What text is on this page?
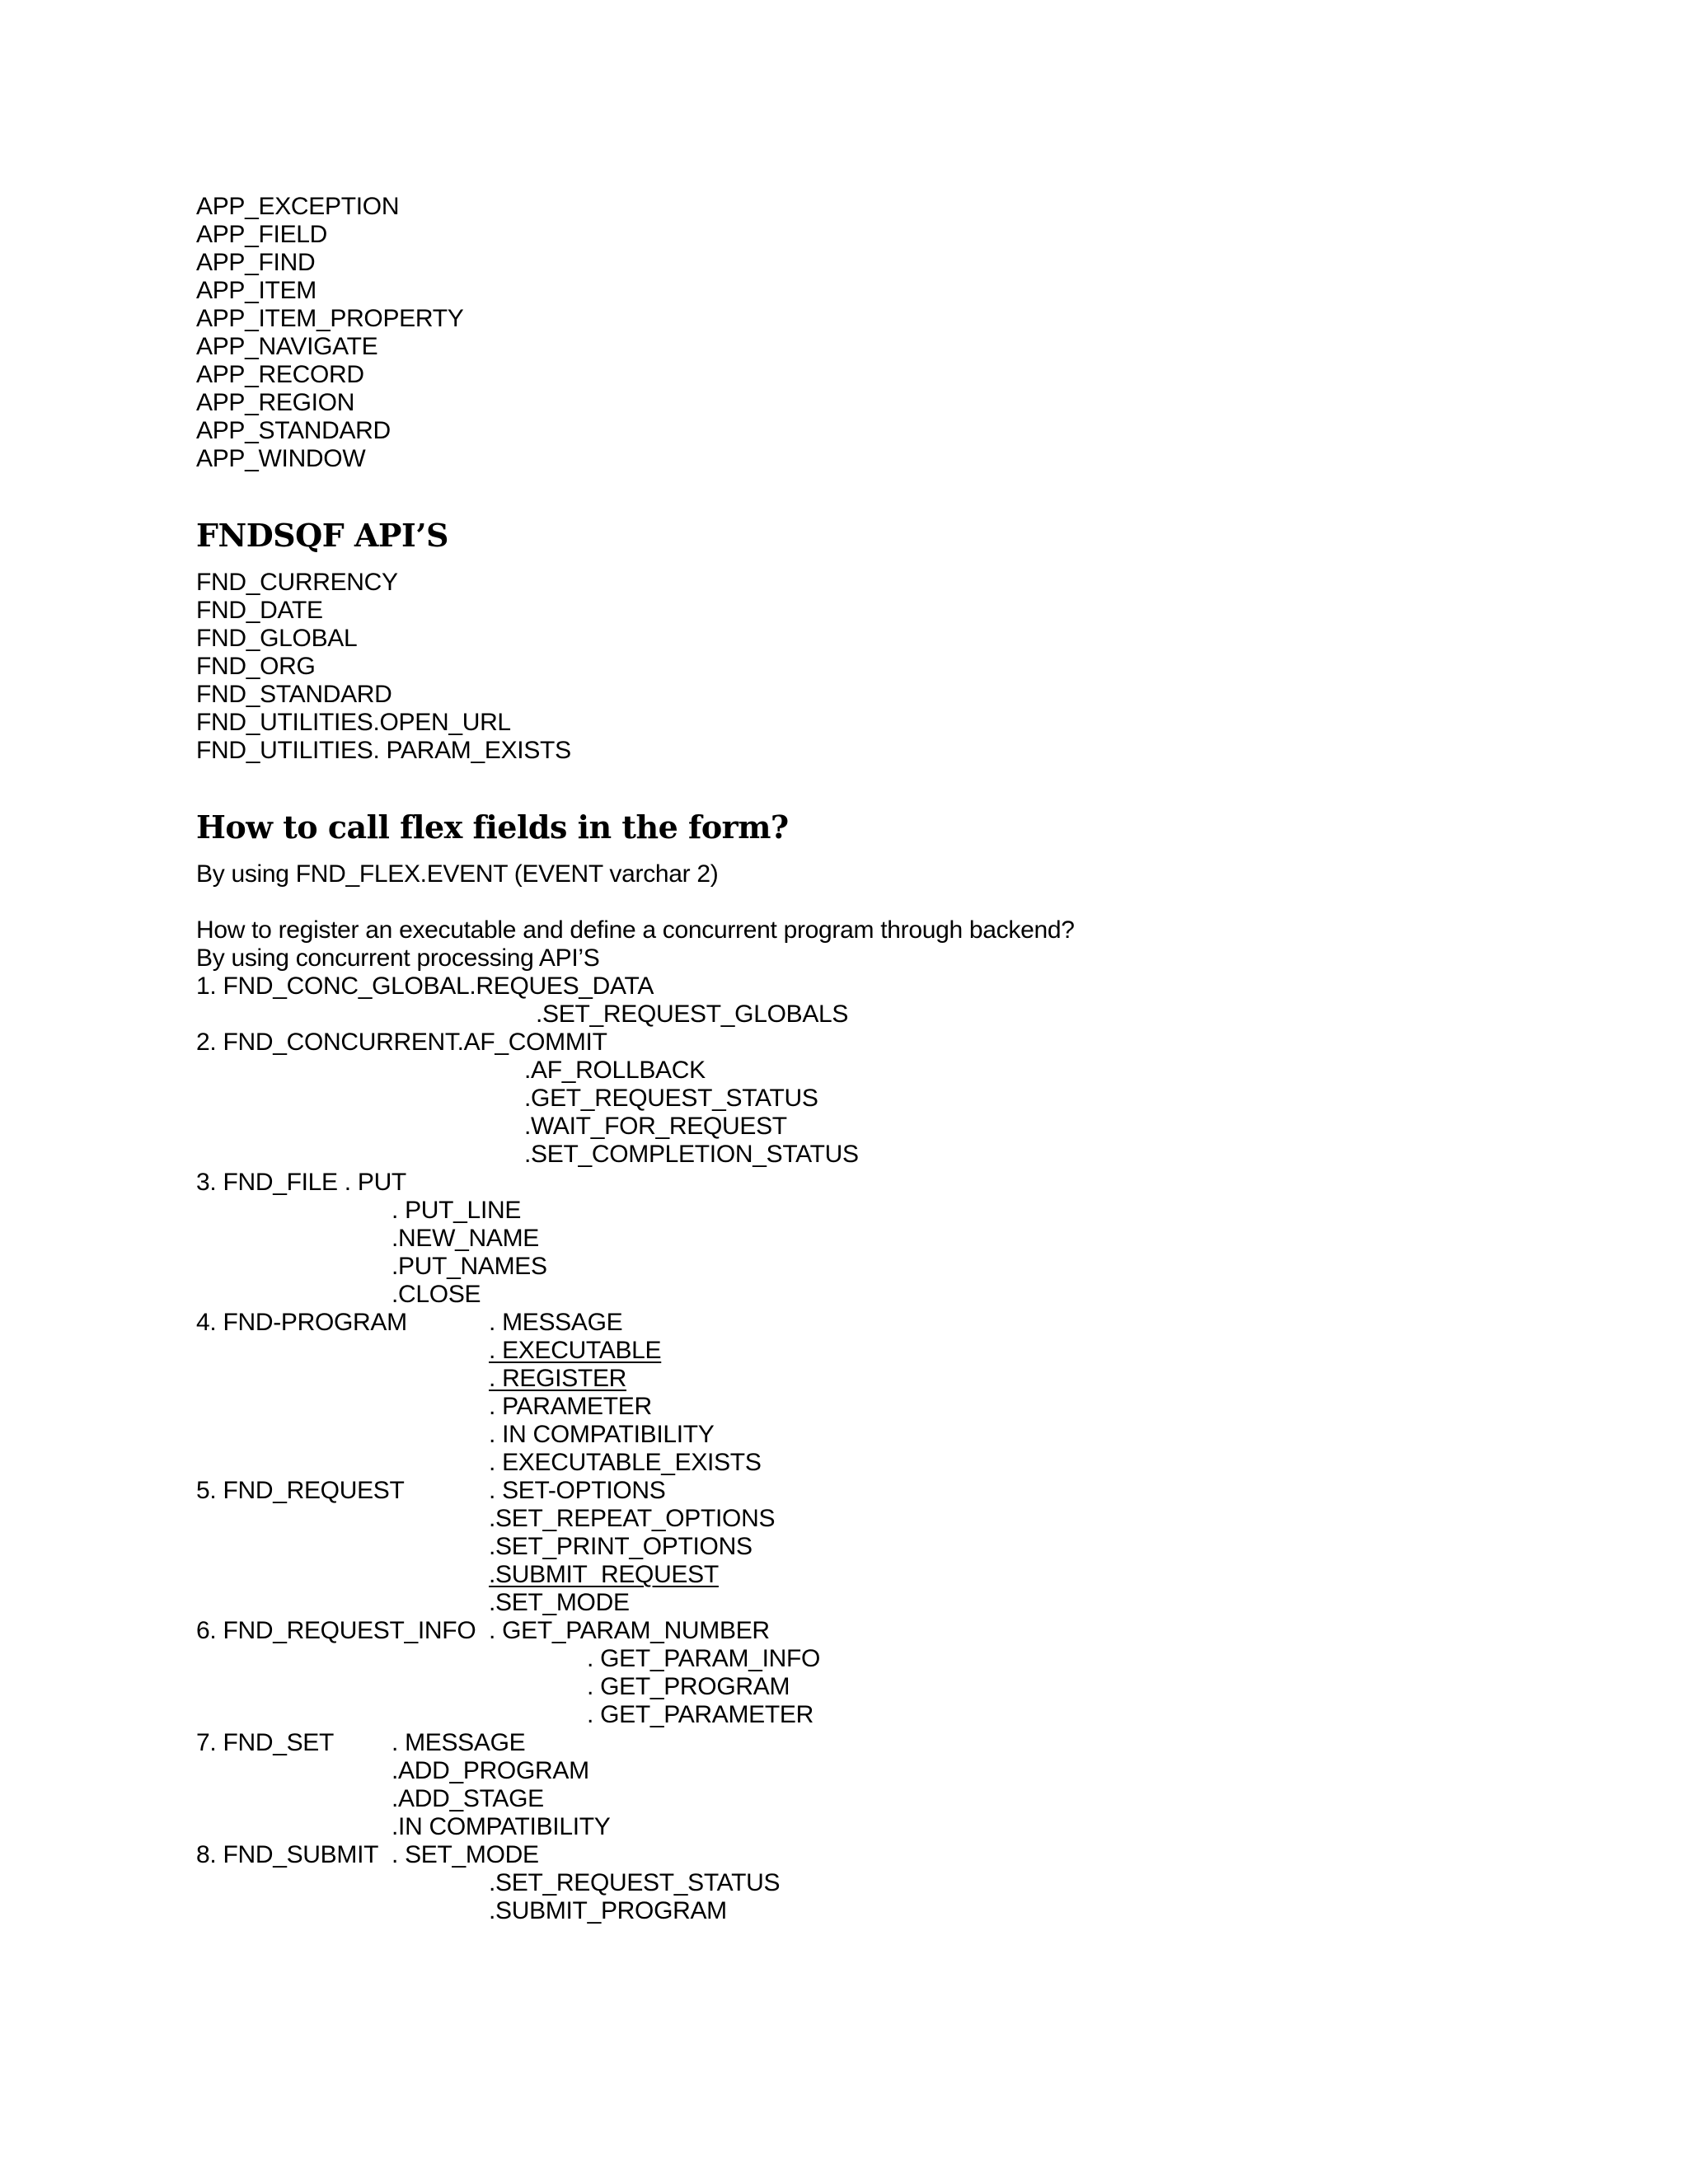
APP_EXCEPTION
APP_FIELD
APP_FIND
APP_ITEM
APP_ITEM_PROPERTY
APP_NAVIGATE
APP_RECORD
APP_REGION
APP_STANDARD
APP_WINDOW
FNDSQF API’S
FND_CURRENCY
FND_DATE
FND_GLOBAL
FND_ORG
FND_STANDARD
FND_UTILITIES.OPEN_URL
FND_UTILITIES. PARAM_EXISTS
How to call flex fields in the form?
By using FND_FLEX.EVENT (EVENT varchar 2)
How to register an executable and define a concurrent program through backend?
By using concurrent processing API’S
1. FND_CONC_GLOBAL.REQUES_DATA
.SET_REQUEST_GLOBALS
2. FND_CONCURRENT.AF_COMMIT
.AF_ROLLBACK
.GET_REQUEST_STATUS
.WAIT_FOR_REQUEST
.SET_COMPLETION_STATUS
3. FND_FILE . PUT
. PUT_LINE
.NEW_NAME
.PUT_NAMES
.CLOSE
4. FND-PROGRAM	. MESSAGE
. EXECUTABLE
. REGISTER
. PARAMETER
. IN COMPATIBILITY
. EXECUTABLE_EXISTS
5. FND_REQUEST	. SET-OPTIONS
.SET_REPEAT_OPTIONS
.SET_PRINT_OPTIONS
.SUBMIT_REQUEST
.SET_MODE
6. FND_REQUEST_INFO . GET_PARAM_NUMBER
. GET_PARAM_INFO
. GET_PROGRAM
. GET_PARAMETER
7. FND_SET . MESSAGE
.ADD_PROGRAM
.ADD_STAGE
.IN COMPATIBILITY
8. FND_SUBMIT . SET_MODE
.SET_REQUEST_STATUS
.SUBMIT_PROGRAM
